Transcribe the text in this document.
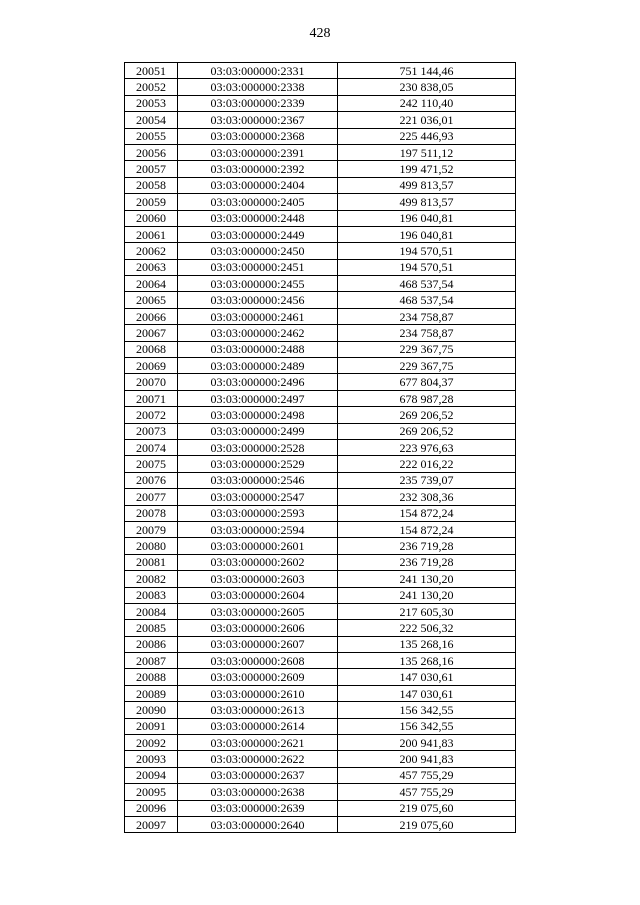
428
20051	03:03:000000:2331	751 144,46
20052	03:03:000000:2338	230 838,05
20053	03:03:000000:2339	242 110,40
20054	03:03:000000:2367	221 036,01
20055	03:03:000000:2368	225 446,93
20056	03:03:000000:2391	197 511,12
20057	03:03:000000:2392	199 471,52
20058	03:03:000000:2404	499 813,57
20059	03:03:000000:2405	499 813,57
20060	03:03:000000:2448	196 040,81
20061	03:03:000000:2449	196 040,81
20062	03:03:000000:2450	194 570,51
20063	03:03:000000:2451	194 570,51
20064	03:03:000000:2455	468 537,54
20065	03:03:000000:2456	468 537,54
20066	03:03:000000:2461	234 758,87
20067	03:03:000000:2462	234 758,87
20068	03:03:000000:2488	229 367,75
20069	03:03:000000:2489	229 367,75
20070	03:03:000000:2496	677 804,37
20071	03:03:000000:2497	678 987,28
20072	03:03:000000:2498	269 206,52
20073	03:03:000000:2499	269 206,52
20074	03:03:000000:2528	223 976,63
20075	03:03:000000:2529	222 016,22
20076	03:03:000000:2546	235 739,07
20077	03:03:000000:2547	232 308,36
20078	03:03:000000:2593	154 872,24
20079	03:03:000000:2594	154 872,24
20080	03:03:000000:2601	236 719,28
20081	03:03:000000:2602	236 719,28
20082	03:03:000000:2603	241 130,20
20083	03:03:000000:2604	241 130,20
20084	03:03:000000:2605	217 605,30
20085	03:03:000000:2606	222 506,32
20086	03:03:000000:2607	135 268,16
20087	03:03:000000:2608	135 268,16
20088	03:03:000000:2609	147 030,61
20089	03:03:000000:2610	147 030,61
20090	03:03:000000:2613	156 342,55
20091	03:03:000000:2614	156 342,55
20092	03:03:000000:2621	200 941,83
20093	03:03:000000:2622	200 941,83
20094	03:03:000000:2637	457 755,29
20095	03:03:000000:2638	457 755,29
20096	03:03:000000:2639	219 075,60
20097	03:03:000000:2640	219 075,60
